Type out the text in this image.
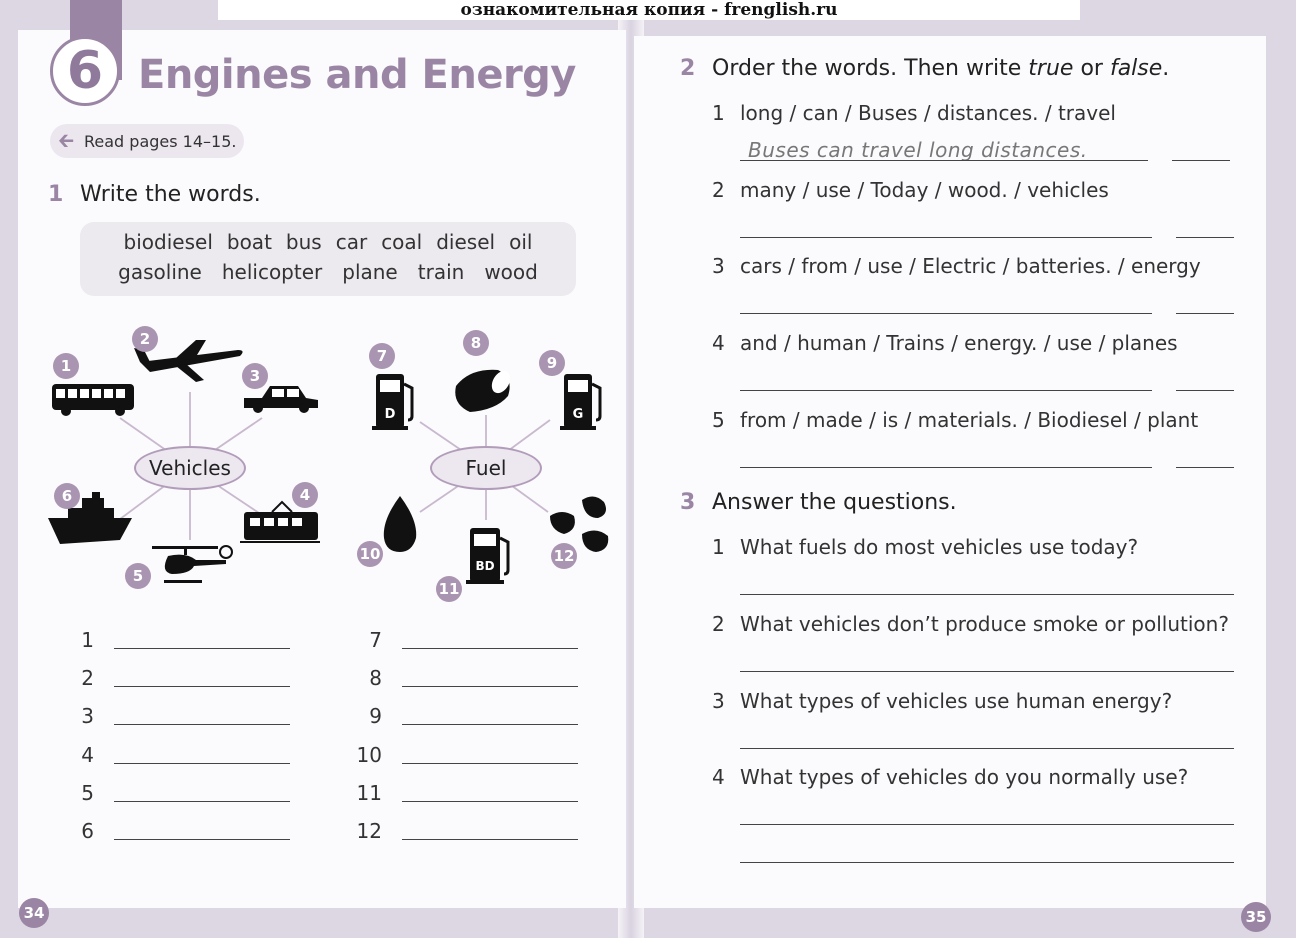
6 Engines and Energy
🡰 Read pages 14–15.
1 Write the words.
biodiesel boat bus car coal diesel oil
gasoline helicopter plane train wood
D	G
BD
1
2
3
4
5
6
7
8
9
10
11
12
Vehicles	Fuel
1
2
3
4
5
6
7
8
9
10
11
12
34
2 Order the words. Then write true or false.
1 long / can / Buses / distances. / travel
Buses can travel long distances.
2 many / use / Today / wood. / vehicles
3 cars / from / use / Electric / batteries. / energy
4 and / human / Trains / energy. / use / planes
5 from / made / is / materials. / Biodiesel / plant
3 Answer the questions.
1 What fuels do most vehicles use today?
2 What vehicles don’t produce smoke or pollution?
3 What types of vehicles use human energy?
4 What types of vehicles do you normally use?
35
ознакомительная копия - frenglish.ru
